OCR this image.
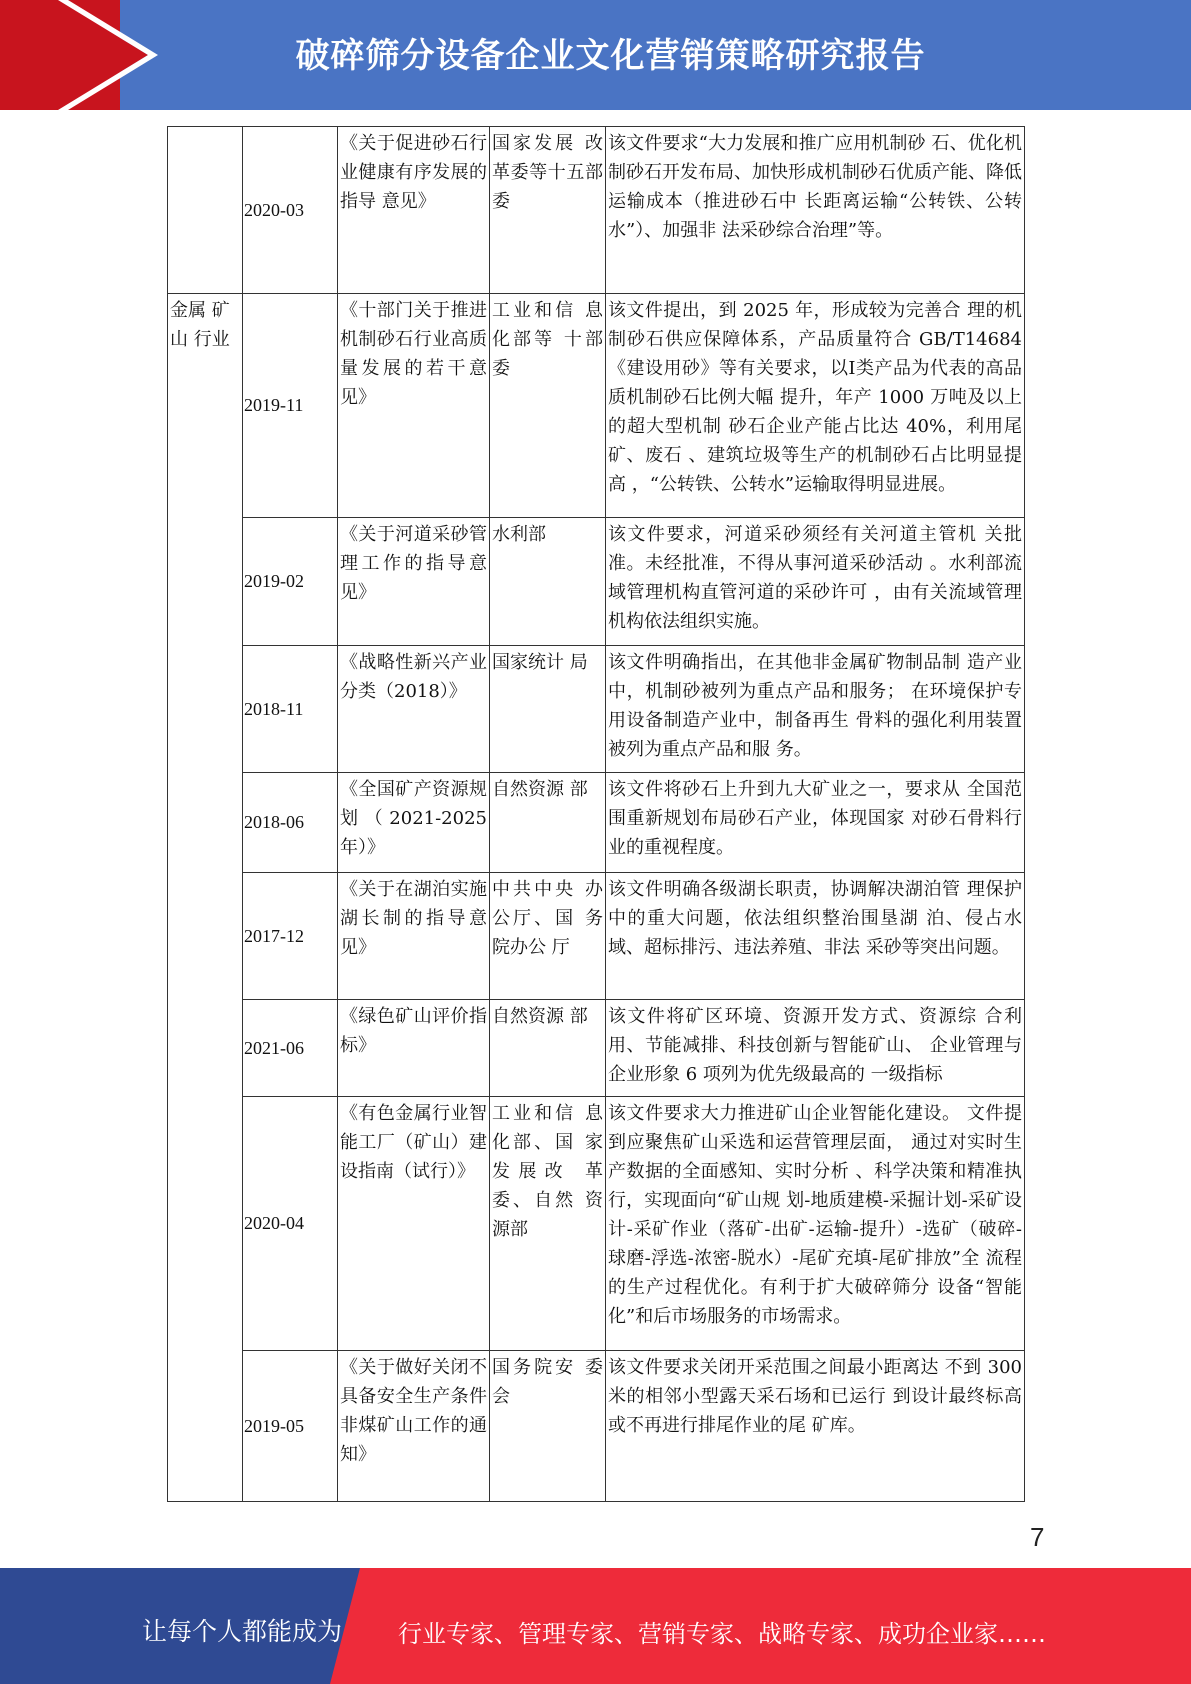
破碎筛分设备企业文化营销策略研究报告
	2020-03	《关于促进砂石行业健康有序发展的指导 意见》	国家发展 改革委等十五部委	该文件要求“大力发展和推广应用机制砂 石、优化机制砂石开发布局、加快形成机制砂石优质产能、降低运输成本（推进砂石中 长距离运输“公转铁、公转水”）、加强非 法采砂综合治理”等。
金属 矿山 行业	2019-11	《十部门关于推进机制砂石行业高质量发展的若干意见》	工业和信 息化部等 十部委	该文件提出，到 2025 年，形成较为完善合 理的机制砂石供应保障体系，产品质量符合 GB/T14684《建设用砂》等有关要求，以Ⅰ类产品为代表的高品质机制砂石比例大幅 提升，年产 1000 万吨及以上的超大型机制 砂石企业产能占比达 40%，利用尾矿、废石 、建筑垃圾等生产的机制砂石占比明显提高 ，“公转铁、公转水”运输取得明显进展。
	2019-02	《关于河道采砂管理工作的指导意见》	水利部	该文件要求，河道采砂须经有关河道主管机 关批准。未经批准，不得从事河道采砂活动 。水利部流域管理机构直管河道的采砂许可 ，由有关流域管理机构依法组织实施。
	2018-11	《战略性新兴产业分类（2018）》	国家统计 局	该文件明确指出，在其他非金属矿物制品制 造产业中，机制砂被列为重点产品和服务； 在环境保护专用设备制造产业中，制备再生 骨料的强化利用装置被列为重点产品和服 务。
	2018-06	《全国矿产资源规划（2021-2025 年）》	自然资源 部	该文件将砂石上升到九大矿业之一，要求从 全国范围重新规划布局砂石产业，体现国家 对砂石骨料行业的重视程度。
	2017-12	《关于在湖泊实施湖长制的指导意见》	中共中央 办公厅、国 务院办公 厅	该文件明确各级湖长职责，协调解决湖泊管 理保护中的重大问题，依法组织整治围垦湖 泊、侵占水域、超标排污、违法养殖、非法 采砂等突出问题。
	2021-06	《绿色矿山评价指标》	自然资源 部	该文件将矿区环境、资源开发方式、资源综 合利用、节能减排、科技创新与智能矿山、 企业管理与企业形象 6 项列为优先级最高的 一级指标
	2020-04	《有色金属行业智能工厂（矿山）建设指南（试行）》	工业和信 息化部、国 家发展改 革委、自然 资源部	该文件要求大力推进矿山企业智能化建设。 文件提到应聚焦矿山采选和运营管理层面， 通过对实时生产数据的全面感知、实时分析 、科学决策和精准执行，实现面向“矿山规 划-地质建模-采掘计划-采矿设计-采矿作业（落矿-出矿-运输-提升）-选矿（破碎-球磨-浮选-浓密-脱水）-尾矿充填-尾矿排放”全 流程的生产过程优化。有利于扩大破碎筛分 设备“智能化”和后市场服务的市场需求。
	2019-05	《关于做好关闭不具备安全生产条件非煤矿山工作的通知》	国务院安 委会	该文件要求关闭开采范围之间最小距离达 不到 300 米的相邻小型露天采石场和已运行 到设计最终标高或不再进行排尾作业的尾 矿库。
7
让每个人都能成为 行业专家、管理专家、营销专家、战略专家、成功企业家……
